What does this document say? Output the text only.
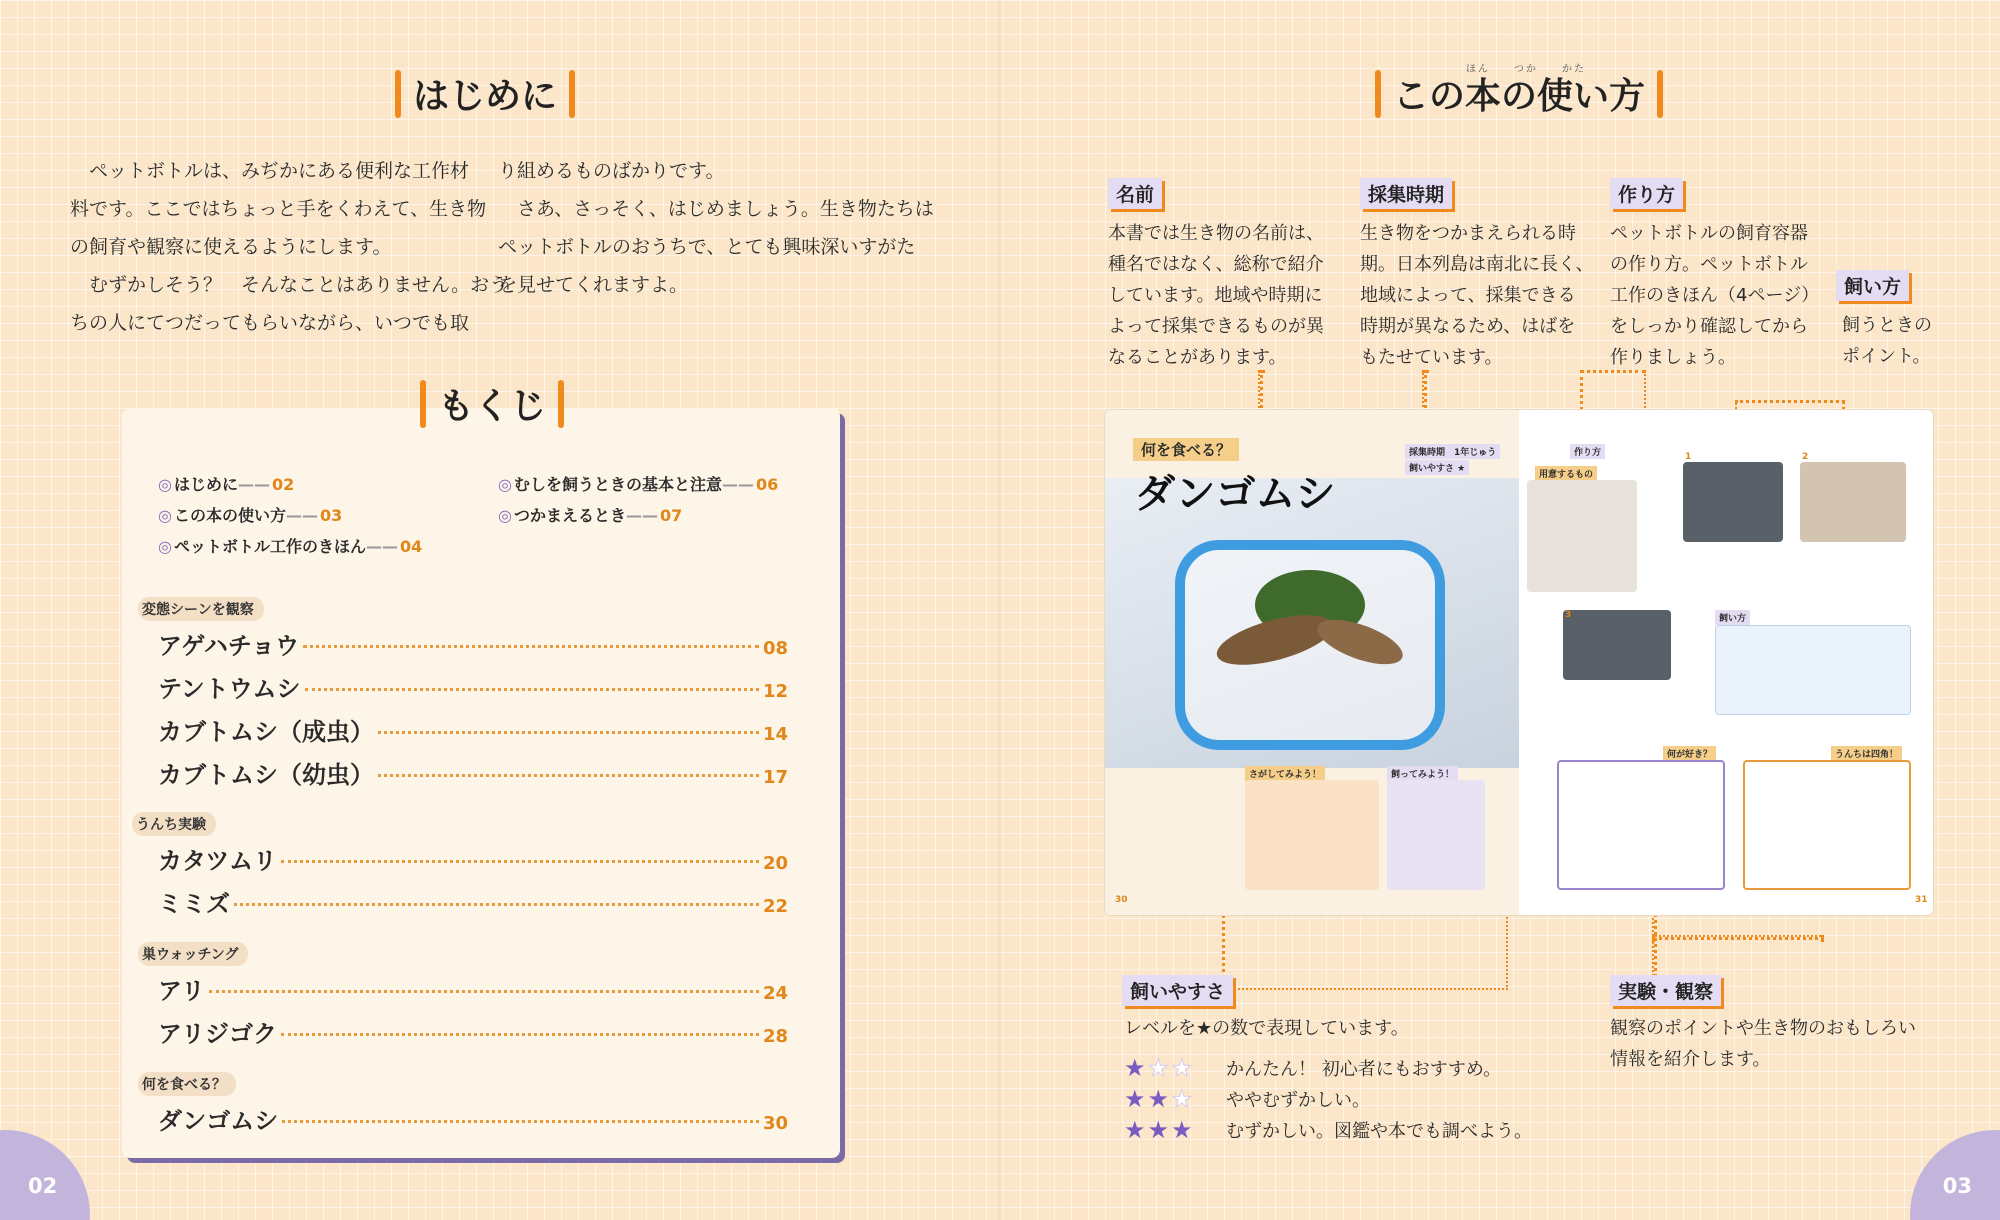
02	03
はじめに

　ペットボトルは、みぢかにある便利な工作材

料です。ここではちょっと手をくわえて、生き物

の飼育や観察に使えるようにします。

　むずかしそう？　そんなことはありません。おう

ちの人にてつだってもらいながら、いつでも取

り組めるものばかりです。

　さあ、さっそく、はじめましょう。生き物たちは

ペットボトルのおうちで、とても興味深いすがた

を見せてくれますよ。

もくじ
◎ はじめに—— 02
◎ この本の使い方—— 03
◎ ペットボトル工作のきほん—— 04
◎ むしを飼うときの基本と注意—— 06
◎ つかまえるとき—— 07
変態シーンを観察
アゲハチョウ	08
テントウムシ	12
カブトムシ（成虫）	14
カブトムシ（幼虫）	17
うんち実験
カタツムリ	20
ミミズ	22
巣ウォッチング
アリ	24
アリジゴク	28
何を食べる？
ダンゴムシ	30
ほん　　つか　　かた
この本の使い方
名前
本書では生き物の名前は、
種名ではなく、総称で紹介
しています。地域や時期に
よって採集できるものが異
なることがあります。
採集時期
生き物をつかまえられる時
期。日本列島は南北に長く、
地域によって、採集できる
時期が異なるため、はばを
もたせています。
作り方
ペットボトルの飼育容器
の作り方。ペットボトル
工作のきほん（4ページ）
をしっかり確認してから
作りましょう。
飼い方
飼うときの
ポイント。
何を食べる？
ダンゴムシ
採集時期　1年じゅう
飼いやすさ ★
作り方
用意するもの
1	2
3	飼い方
さがしてみよう！	飼ってみよう！
何が好き？	うんちは四角！
30	31
飼いやすさ
レベルを★の数で表現しています。
★★★	かんたん！ 初心者にもおすすめ。
★★★	ややむずかしい。
★★★	むずかしい。図鑑や本でも調べよう。
実験・観察
観察のポイントや生き物のおもしろい
情報を紹介します。
